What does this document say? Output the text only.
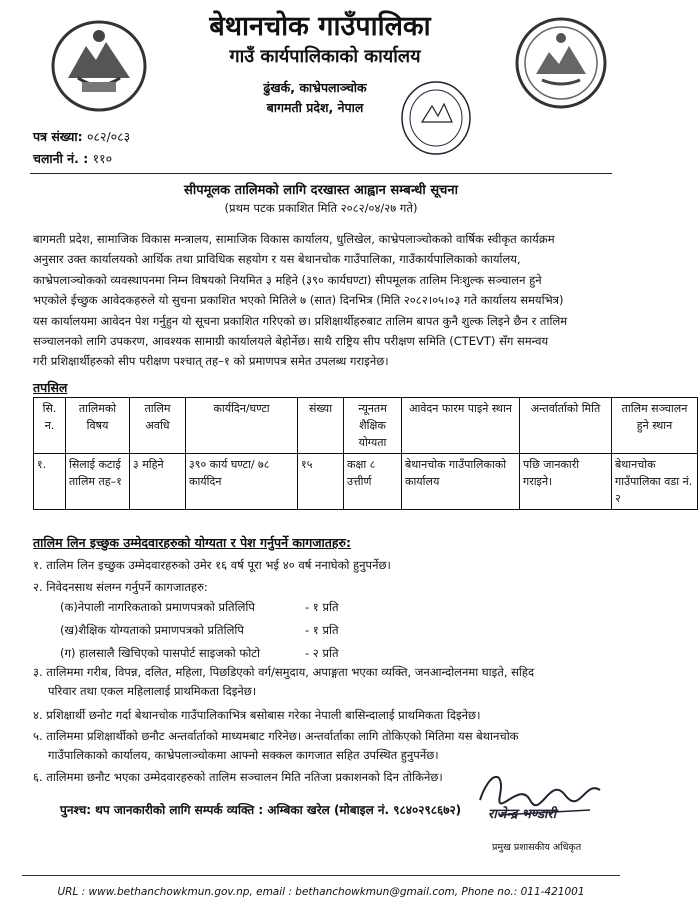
बेथानचोक गाउँपालिका
गाउँ कार्यपालिकाको कार्यालय
ढुंखर्क, काभ्रेपलाञ्चोक
बागमती प्रदेश, नेपाल
पत्र संख्या: ०८२/०८३
चलानी नं. : ११०
सीपमूलक तालिमको लागि दरखास्त आह्वान सम्बन्धी सूचना
(प्रथम पटक प्रकाशित मिति २०८२/०४/२७ गते)
बागमती प्रदेश, सामाजिक विकास मन्त्रालय, सामाजिक विकास कार्यालय, धुलिखेल, काभ्रेपलाञ्चोकको वार्षिक स्वीकृत कार्यक्रम
अनुसार उक्त कार्यालयको आर्थिक तथा प्राविधिक सहयोग र यस बेथानचोक गाउँपालिका, गाउँकार्यपालिकाको कार्यालय,
काभ्रेपलाञ्चोकको व्यवस्थापनमा निम्न विषयको नियमित ३ महिने (३९० कार्यघण्टा) सीपमूलक तालिम निःशुल्क सञ्चालन हुने
भएकोले ईच्छुक आवेदकहरुले यो सुचना प्रकाशित भएको मितिले ७ (सात) दिनभित्र (मिति २०८२।०५।०३ गते कार्यालय समयभित्र)
यस कार्यालयमा आवेदन पेश गर्नुहुन यो सूचना प्रकाशित गरिएको छ। प्रशिक्षार्थीहरुबाट तालिम बापत कुनै शुल्क लिइने छैन र तालिम
सञ्चालनको लागि उपकरण, आवश्यक सामाग्री कार्यालयले बेहोर्नेछ। साथै राष्ट्रिय सीप परीक्षण समिति (CTEVT) सँग समन्वय
गरी प्रशिक्षार्थीहरुको सीप परीक्षण पश्चात् तह–१ को प्रमाणपत्र समेत उपलब्ध गराइनेछ।
तपसिल
सि. न.	तालिमको विषय	तालिम अवधि	कार्यदिन/घण्टा	संख्या	न्यूनतम शैक्षिक योग्यता	आवेदन फारम पाइने स्थान	अन्तर्वार्ताको मिति	तालिम सञ्चालन हुने स्थान
१.	सिलाई कटाई तालिम तह–१	३ महिने	३९० कार्य घण्टा/ ७८ कार्यदिन	१५	कक्षा ८ उत्तीर्ण	बेथानचोक गाउँपालिकाको कार्यालय	पछि जानकारी गराइने।	बेथानचोक गाउँपालिका वडा नं. २
तालिम लिन इच्छुक उम्मेदवारहरुको योग्यता र पेश गर्नुपर्ने कागजातहरु:
१. तालिम लिन इच्छुक उम्मेदवारहरुको उमेर १६ वर्ष पूरा भई ४० वर्ष ननाघेको हुनुपर्नेछ।
२. निवेदनसाथ संलग्न गर्नुपर्ने कागजातहरु:
(क)नेपाली नागरिकताको प्रमाणपत्रको प्रतिलिपि	- १ प्रति
(ख)शैक्षिक योग्यताको प्रमाणपत्रको प्रतिलिपि	- १ प्रति
(ग) हालसालै खिचिएको पासपोर्ट साइजको फोटो	- २ प्रति
३. तालिममा गरीब, विपन्न, दलित, महिला, पिछडिएको वर्ग/समुदाय, अपाङ्गता भएका व्यक्ति, जनआन्दोलनमा घाइते, सहिद
परिवार तथा एकल महिलालाई प्राथमिकता दिइनेछ।
४. प्रशिक्षार्थी छनोट गर्दा बेथानचोक गाउँपालिकाभित्र बसोबास गरेका नेपाली बासिन्दालाई प्राथमिकता दिइनेछ।
५. तालिममा प्रशिक्षार्थीको छनौट अन्तर्वार्ताको माध्यमबाट गरिनेछ। अन्तर्वार्ताका लागि तोकिएको मितिमा यस बेथानचोक
गाउँपालिकाको कार्यालय, काभ्रेपलाञ्चोकमा आफ्नो सक्कल कागजात सहित उपस्थित हुनुपर्नेछ।
६. तालिममा छनौट भएका उम्मेदवारहरुको तालिम सञ्चालन मिति नतिजा प्रकाशनको दिन तोकिनेछ।
पुनश्च: थप जानकारीको लागि सम्पर्क व्यक्ति : अम्बिका खरेल (मोबाइल नं. ९८४०२९८६७२) राजेन्द्र भण्डारी
प्रमुख प्रशासकीय अधिकृत
URL : www.bethanchowkmun.gov.np, email : bethanchowkmun@gmail.com, Phone no.: 011-421001
